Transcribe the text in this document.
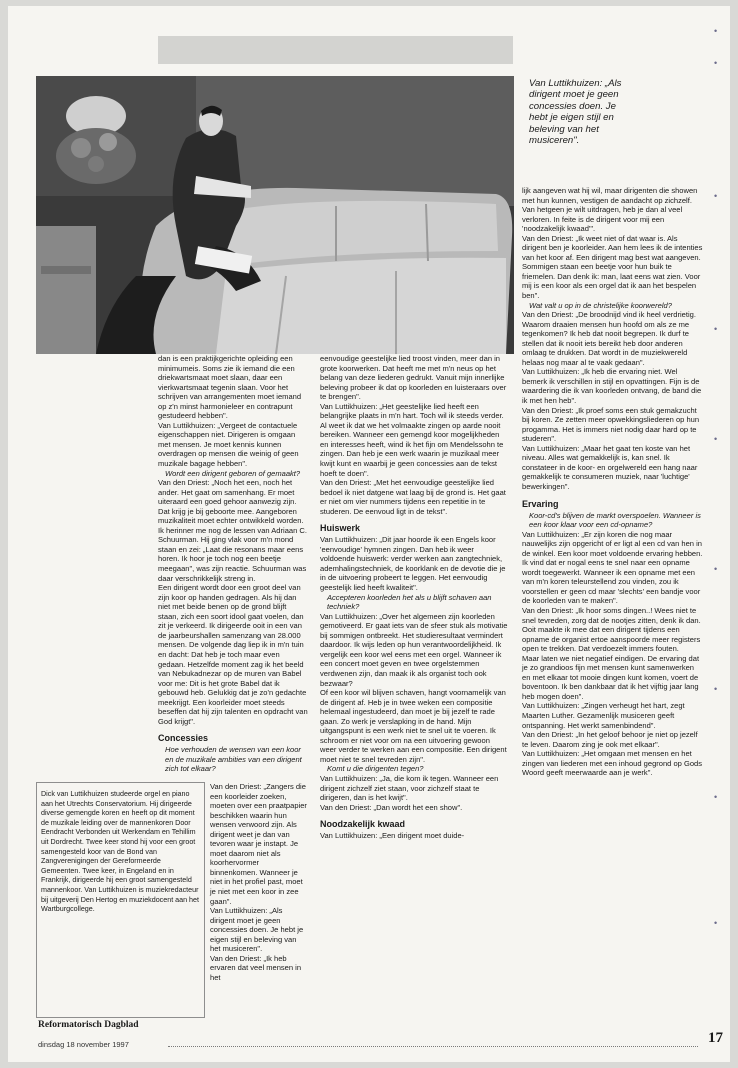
Van Luttikhuizen: „Als dirigent moet je geen concessies doen. Je hebt je eigen stijl en beleving van het musiceren".

dan is een praktijkgerichte opleiding een minimumeis. Soms zie ik iemand die een driekwartsmaat moet slaan, daar een vierkwartsmaat tegenin slaan. Voor het schrijven van arrangementen moet iemand op z'n minst harmonieleer en contrapunt gestudeerd hebben".

Van Luttikhuizen: „Vergeet de contactuele eigenschappen niet. Dirigeren is omgaan met mensen. Je moet kennis kunnen overdragen op mensen die weinig of geen muzikale bagage hebben".

Wordt een dirigent geboren of gemaakt?

Van den Driest: „Noch het een, noch het ander. Het gaat om samenhang. Er moet uiteraard een goed gehoor aanwezig zijn. Dat krijg je bij geboorte mee. Aangeboren muzikaliteit moet echter ontwikkeld worden. Ik herinner me nog de lessen van Adriaan C. Schuurman. Hij ging vlak voor m'n mond staan en zei: „Laat die resonans maar eens horen. Ik hoor je toch nog een beetje meegaan", was zijn reactie. Schuurman was daar verschrikkelijk streng in.

Een dirigent wordt door een groot deel van zijn koor op handen gedragen. Als hij dan niet met beide benen op de grond blijft staan, zich een soort idool gaat voelen, dan zit je verkeerd. Ik dirigeerde ooit in een van de jaarbeurshallen samenzang van 28.000 mensen. De volgende dag liep ik in m'n tuin en dacht: Dat heb je toch maar even gedaan. Hetzelfde moment zag ik het beeld van Nebukadnezar op de muren van Babel voor me: Dit is het grote Babel dat ik gebouwd heb. Gelukkig dat je zo'n gedachte meekrijgt. Een koorleider moet steeds beseffen dat hij zijn talenten en opdracht van God krijgt".

Concessies

Hoe verhouden de wensen van een koor en de muzikale ambities van een dirigent zich tot elkaar?

Van den Driest: „Zangers die een koorleider zoeken, moeten over een praatpapier beschikken waarin hun wensen verwoord zijn. Als dirigent weet je dan van tevoren waar je instapt. Je moet daarom niet als koorhervormer binnenkomen. Wanneer je niet in het profiel past, moet je niet met een koor in zee gaan".

Van Luttikhuizen: „Als dirigent moet je geen concessies doen. Je hebt je eigen stijl en beleving van het musiceren".

Van den Driest: „Ik heb ervaren dat veel mensen in het

Dick van Luttikhuizen studeerde orgel en piano aan het Utrechts Conservatorium. Hij dirigeerde diverse gemengde koren en heeft op dit moment de muzikale leiding over de mannenkoren Door Eendracht Verbonden uit Werkendam en Tehillim uit Dordrecht. Twee keer stond hij voor een groot samengesteld koor van de Bond van Zangverenigingen der Gereformeerde Gemeenten. Twee keer, in Engeland en in Frankrijk, dirigeerde hij een groot samengesteld mannenkoor. Van Luttikhuizen is muziekredacteur bij uitgeverij Den Hertog en muziekdocent aan het Wartburgcollege.

eenvoudige geestelijke lied troost vinden, meer dan in grote koorwerken. Dat heeft me met m'n neus op het belang van deze liederen gedrukt. Vanuit mijn innerlijke beleving probeer ik dat op koorleden en luisteraars over te brengen".

Van Luttikhuizen: „Het geestelijke lied heeft een belangrijke plaats in m'n hart. Toch wil ik steeds verder. Al weet ik dat we het volmaakte zingen op aarde nooit bereiken. Wanneer een gemengd koor mogelijkheden en interesses heeft, wind ik het fijn om Mendelssohn te zingen. Dan heb je een werk waarin je muzikaal meer kwijt kunt en waarbij je geen concessies aan de tekst hoeft te doen".

Van den Driest: „Met het eenvoudige geestelijke lied bedoel ik niet datgene wat laag bij de grond is. Het gaat er niet om vier nummers tijdens een repetitie in te studeren. De eenvoud ligt in de tekst".

Huiswerk

Van Luttikhuizen: „Dit jaar hoorde ik een Engels koor 'eenvoudige' hymnen zingen. Dan heb ik weer voldoende huiswerk: verder werken aan zangtechniek, ademhalingstechniek, de koorklank en de devotie die je in de uitvoering probeert te leggen. Het eenvoudig geestelijk lied heeft kwaliteit".

Accepteren koorleden het als u blijft schaven aan techniek?

Van Luttikhuizen: „Over het algemeen zijn koorleden gemotiveerd. Er gaat iets van de sfeer stuk als motivatie bij sommigen ontbreekt. Het studieresultaat vermindert daardoor. Ik wijs leden op hun verantwoordelijkheid. Ik vergelijk een koor wel eens met een orgel. Wanneer ik een concert moet geven en twee orgelstemmen verdwenen zijn, dan maak ik als organist toch ook bezwaar?

Of een koor wil blijven schaven, hangt voornamelijk van de dirigent af. Heb je in twee weken een compositie helemaal ingestudeerd, dan moet je bij jezelf te rade gaan. Zo werk je verslapking in de hand. Mijn uitgangspunt is een werk niet te snel uit te voeren. Ik schroom er niet voor om na een uitvoering gewoon weer verder te werken aan een compositie. Een dirigent moet niet te snel tevreden zijn".

Komt u die dirigenten tegen?

Van Luttikhuizen: „Ja, die kom ik tegen. Wanneer een dirigent zichzelf ziet staan, voor zichzelf staat te dirigeren, dan is het kwijt".

Van den Driest: „Dan wordt het een show".

Noodzakelijk kwaad

Van Luttikhuizen: „Een dirigent moet duide-

lijk aangeven wat hij wil, maar dirigenten die showen met hun kunnen, vestigen de aandacht op zichzelf. Van hetgeen je wilt uitdragen, heb je dan al veel verloren. In feite is de dirigent voor mij een 'noodzakelijk kwaad'".

Van den Driest: „Ik weet niet of dat waar is. Als dirigent ben je koorleider. Aan hem lees ik de intenties van het koor af. Een dirigent mag best wat aangeven. Sommigen staan een beetje voor hun buik te friemelen. Dan denk ik: man, laat eens wat zien. Voor mij is een koor als een orgel dat ik aan het bespelen ben".

Wat valt u op in de christelijke koorwereld?

Van den Driest: „De broodnijd vind ik heel verdrietig. Waarom draaien mensen hun hoofd om als ze me tegenkomen? Ik heb dat nooit begrepen. Ik durf te stellen dat ik nooit iets bereikt heb door anderen omlaag te drukken. Dat wordt in de muziekwereld helaas nog maar al te vaak gedaan".

Van Luttikhuizen: „Ik heb die ervaring niet. Wel bemerk ik verschillen in stijl en opvattingen. Fijn is de waardering die ik van koorleden ontvang, de band die ik met hen heb".

Van den Driest: „Ik proef soms een stuk gemakzucht bij koren. Ze zetten meer opwekkingsliederen op hun progamma. Het is immers niet nodig daar hard op te studeren".

Van Luttikhuizen: „Maar het gaat ten koste van het niveau. Alles wat gemakkelijk is, kan snel. Ik constateer in de koor- en orgelwereld een hang naar gemakkelijk te consumeren muziek, naar 'luchtige' bewerkingen".

Ervaring

Koor-cd's blijven de markt overspoelen. Wanneer is een koor klaar voor een cd-opname?

Van Luttikhuizen: „Er zijn koren die nog maar nauwelijks zijn opgericht of er ligt al een cd van hen in de winkel. Een koor moet voldoende ervaring hebben. Ik vind dat er nogal eens te snel naar een opname wordt toegewerkt. Wanneer ik een opname met een van m'n koren teleurstellend zou vinden, zou ik voorstellen er geen cd maar 'slechts' een bandje voor de koorleden van te maken".

Van den Driest: „Ik hoor soms dingen..! Wees niet te snel tevreden, zorg dat de nootjes zitten, denk ik dan. Ooit maakte ik mee dat een dirigent tijdens een opname de organist ertoe aanspoorde meer registers open te trekken. Dat verdoezelt immers fouten.

Maar laten we niet negatief eindigen. De ervaring dat je zo grandioos fijn met mensen kunt samenwerken en met elkaar tot mooie dingen kunt komen, voert de boventoon. Ik ben dankbaar dat ik het vijftig jaar lang heb mogen doen".

Van Luttikhuizen: „Zingen verheugt het hart, zegt Maarten Luther. Gezamenlijk musiceren geeft ontspanning. Het werkt samenbindend".

Van den Driest: „In het geloof behoor je niet op jezelf te leven. Daarom zing je ook met elkaar".

Van Luttikhuizen: „Het omgaan met mensen en het zingen van liederen met een inhoud gegrond op Gods Woord geeft meerwaarde aan je werk".

Reformatorisch Dagblad
dinsdag 18 november 1997	17
•
•
•
•
•
•
•
•
•
